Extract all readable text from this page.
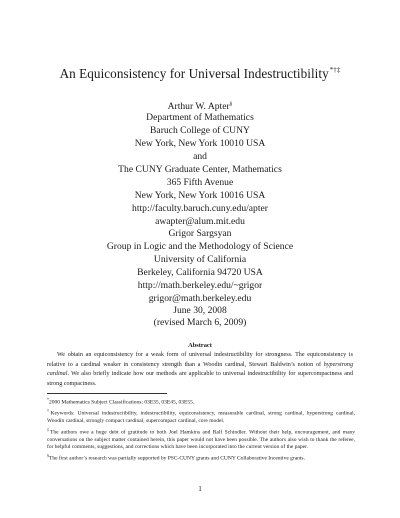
An Equiconsistency for Universal Indestructibility*†‡
Arthur W. Apter§
Department of Mathematics
Baruch College of CUNY
New York, New York 10010 USA
and
The CUNY Graduate Center, Mathematics
365 Fifth Avenue
New York, New York 10016 USA
http://faculty.baruch.cuny.edu/apter
awapter@alum.mit.edu
Grigor Sargsyan
Group in Logic and the Methodology of Science
University of California
Berkeley, California 94720 USA
http://math.berkeley.edu/~grigor
grigor@math.berkeley.edu
June 30, 2008
(revised March 6, 2009)
Abstract
We obtain an equiconsistency for a weak form of universal indestructibility for strongness. The equiconsistency is relative to a cardinal weaker in consistency strength than a Woodin cardinal, Stewart Baldwin’s notion of hyperstrong cardinal. We also briefly indicate how our methods are applicable to universal indestructibility for supercompactness and strong compactness.

*2000 Mathematics Subject Classifications: 03E35, 03E45, 03E55.

†Keywords: Universal indestructibility, indestructibility, equiconsistency, measurable cardinal, strong cardinal, hyperstrong cardinal, Woodin cardinal, strongly compact cardinal, supercompact cardinal, core model.

‡The authors owe a huge debt of gratitude to both Joel Hamkins and Ralf Schindler. Without their help, encouragement, and many conversations on the subject matter contained herein, this paper would not have been possible. The authors also wish to thank the referee, for helpful comments, suggestions, and corrections which have been incorporated into the current version of the paper.

§The first author’s research was partially supported by PSC-CUNY grants and CUNY Collaborative Incentive grants.

1
